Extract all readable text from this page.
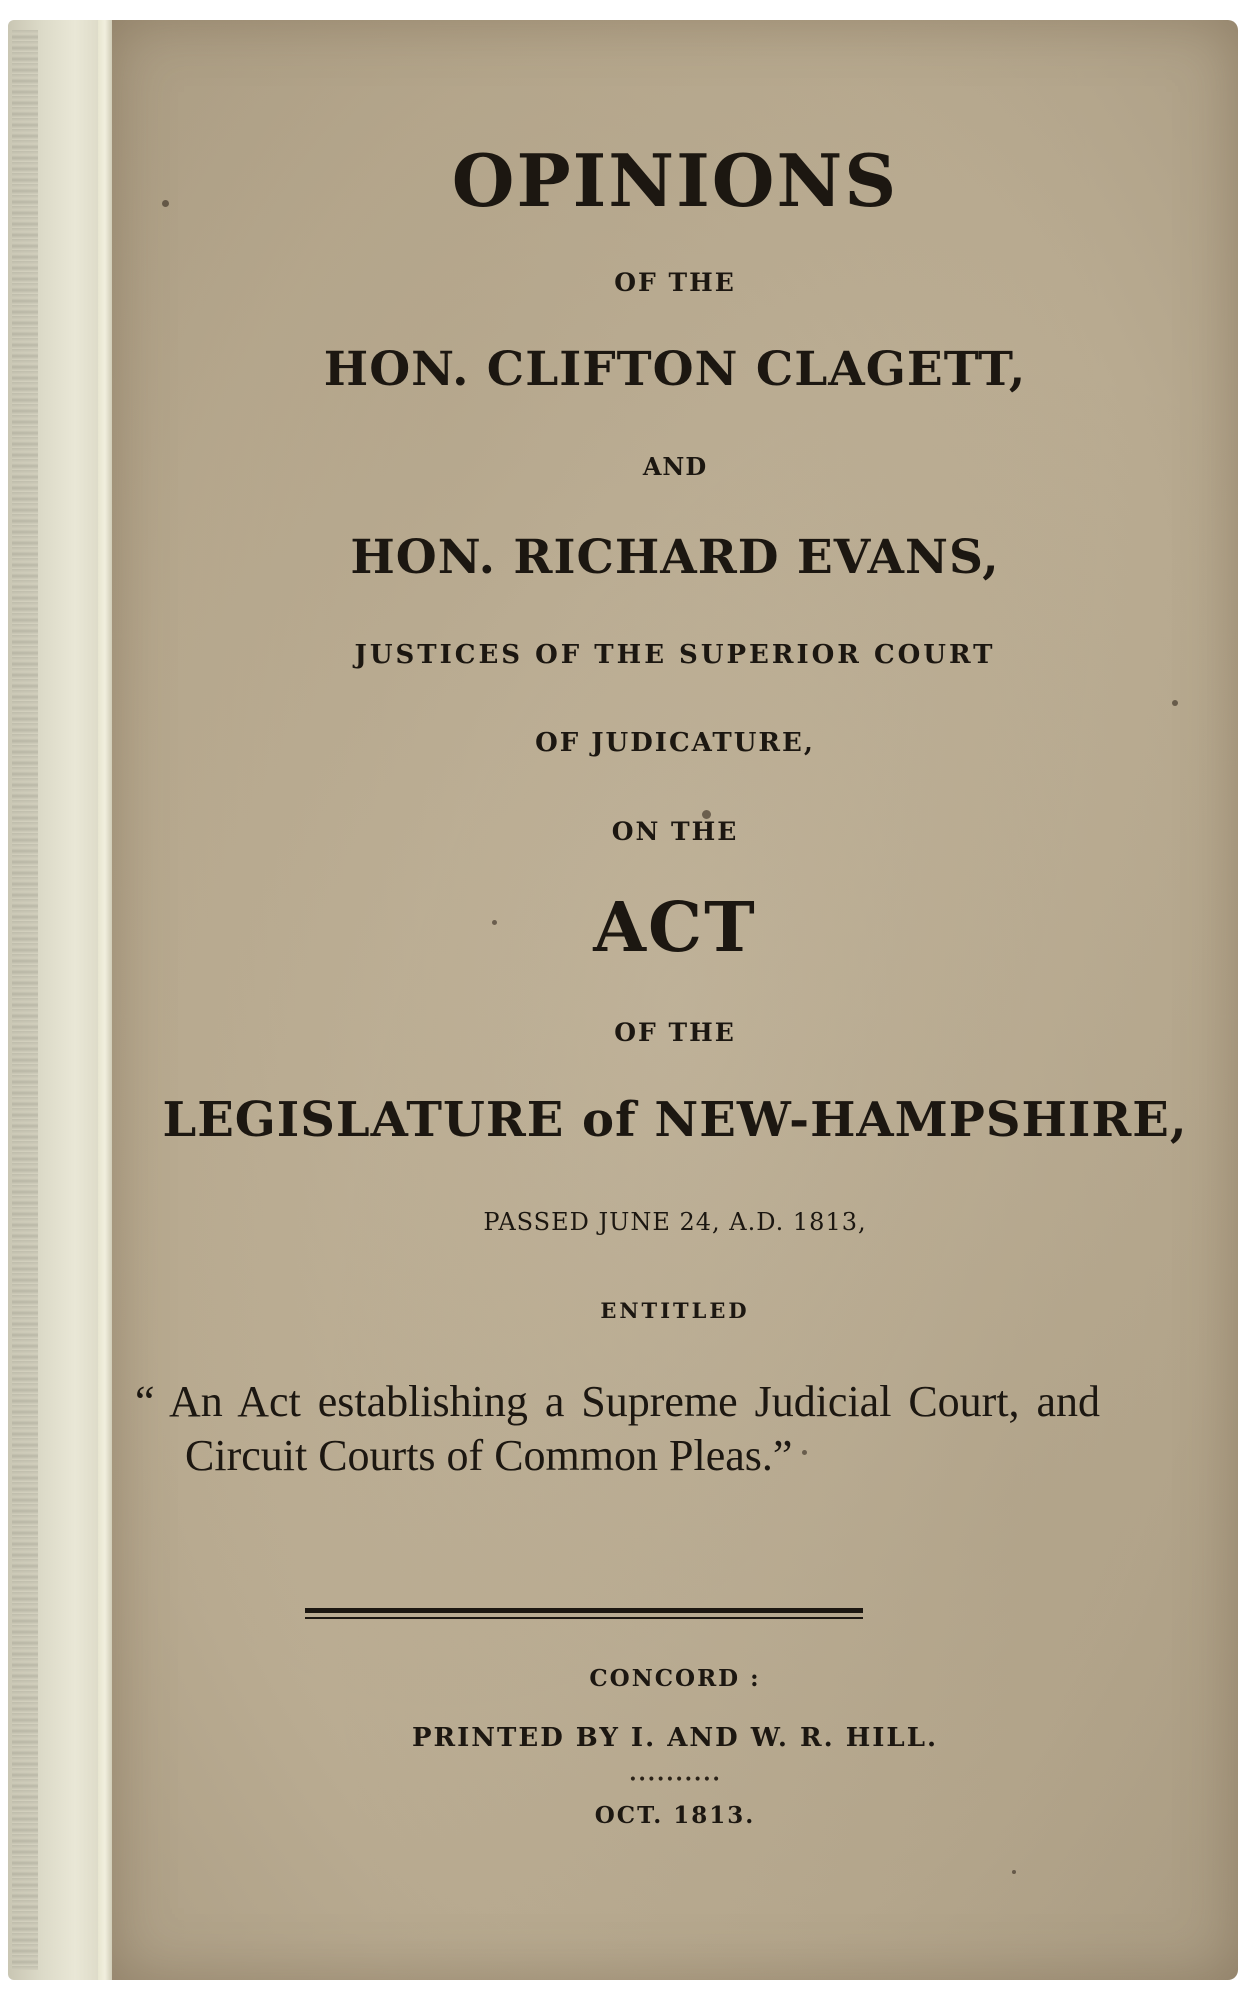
OPINIONS
OF THE
HON. CLIFTON CLAGETT,
AND
HON. RICHARD EVANS,
JUSTICES OF THE SUPERIOR COURT
OF JUDICATURE,
ON THE
ACT
OF THE
LEGISLATURE of NEW-HAMPSHIRE,
PASSED JUNE 24, A.D. 1813,
ENTITLED
“ An Act establishing a Supreme Judicial Court, and Circuit Courts of Common Pleas.”
CONCORD :
PRINTED BY I. AND W. R. HILL.
••••••••••
OCT. 1813.
